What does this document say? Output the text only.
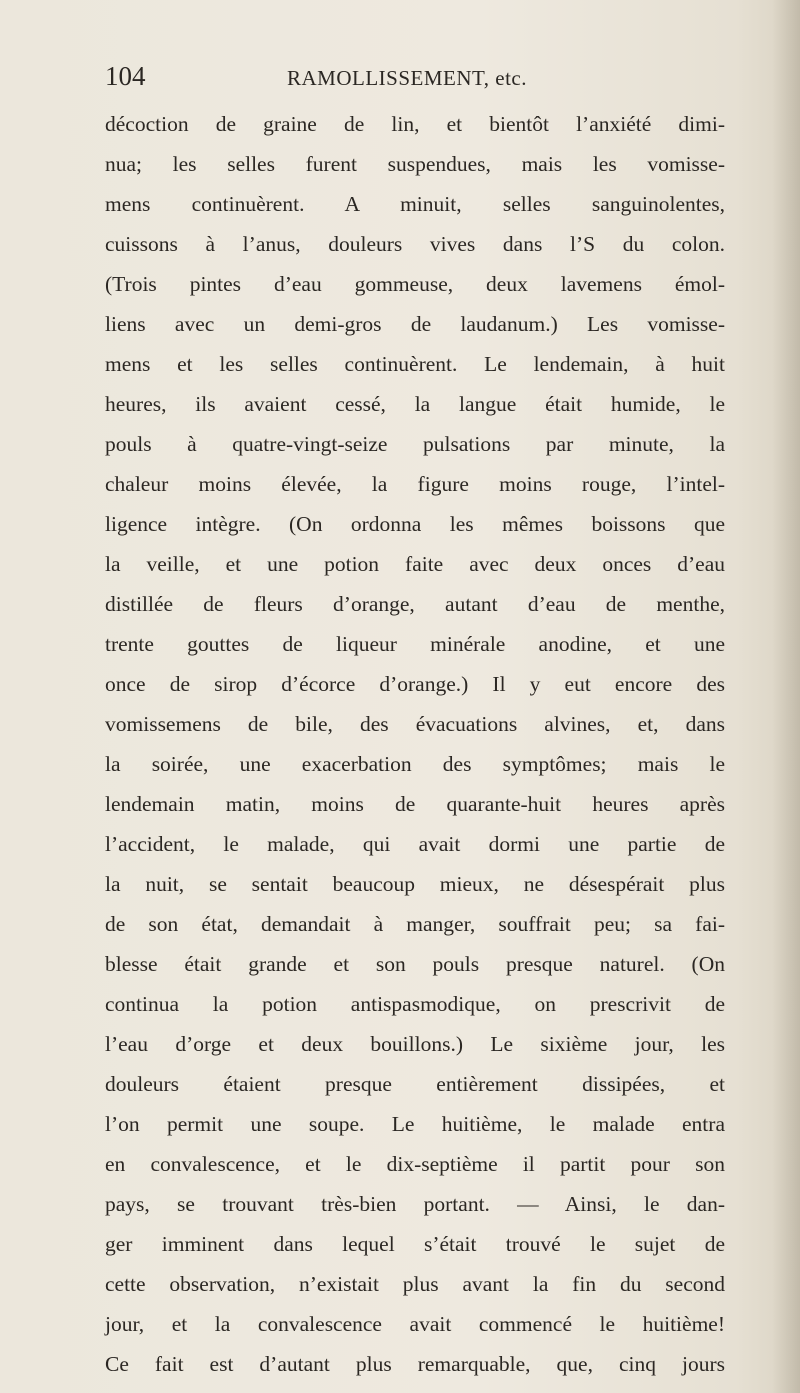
104	RAMOLLISSEMENT, etc.
décoction de graine de lin, et bientôt l’anxiété dimi-
nua; les selles furent suspendues, mais les vomisse-
mens continuèrent. A minuit, selles sanguinolentes,
cuissons à l’anus, douleurs vives dans l’S du colon.
(Trois pintes d’eau gommeuse, deux lavemens émol-
liens avec un demi-gros de laudanum.) Les vomisse-
mens et les selles continuèrent. Le lendemain, à huit
heures, ils avaient cessé, la langue était humide, le
pouls à quatre-vingt-seize pulsations par minute, la
chaleur moins élevée, la figure moins rouge, l’intel-
ligence intègre. (On ordonna les mêmes boissons que
la veille, et une potion faite avec deux onces d’eau
distillée de fleurs d’orange, autant d’eau de menthe,
trente gouttes de liqueur minérale anodine, et une
once de sirop d’écorce d’orange.) Il y eut encore des
vomissemens de bile, des évacuations alvines, et, dans
la soirée, une exacerbation des symptômes; mais le
lendemain matin, moins de quarante-huit heures après
l’accident, le malade, qui avait dormi une partie de
la nuit, se sentait beaucoup mieux, ne désespérait plus
de son état, demandait à manger, souffrait peu; sa fai-
blesse était grande et son pouls presque naturel. (On
continua la potion antispasmodique, on prescrivit de
l’eau d’orge et deux bouillons.) Le sixième jour, les
douleurs étaient presque entièrement dissipées, et
l’on permit une soupe. Le huitième, le malade entra
en convalescence, et le dix-septième il partit pour son
pays, se trouvant très-bien portant. — Ainsi, le dan-
ger imminent dans lequel s’était trouvé le sujet de
cette observation, n’existait plus avant la fin du second
jour, et la convalescence avait commencé le huitième!
Ce fait est d’autant plus remarquable, que, cinq jours
